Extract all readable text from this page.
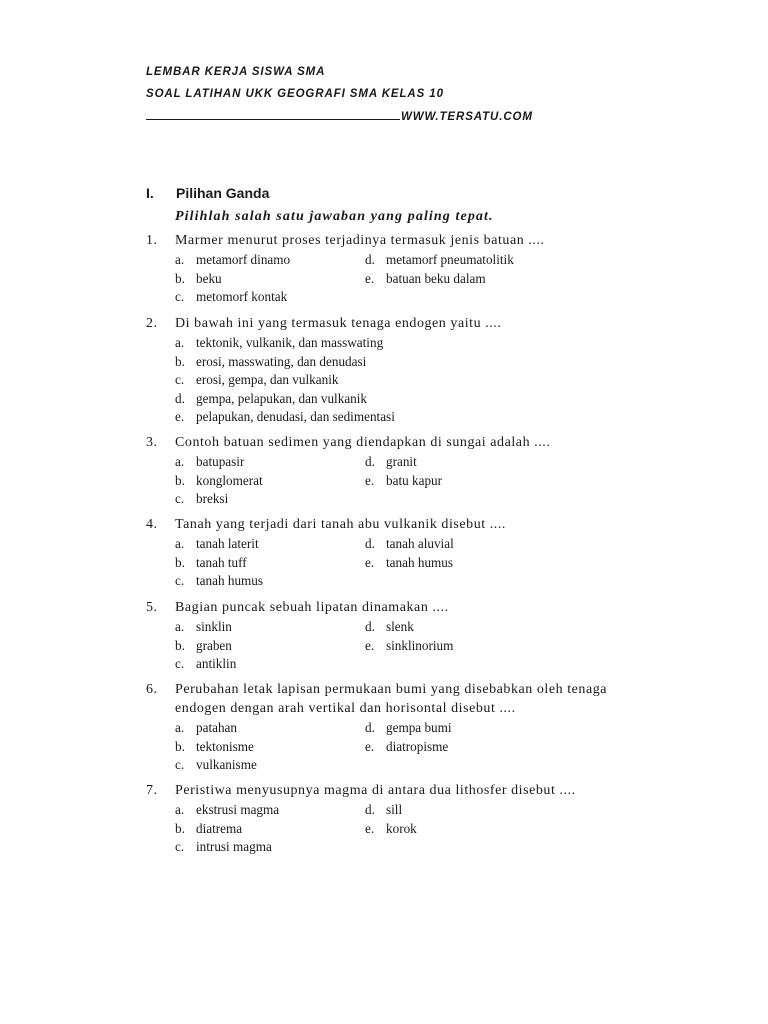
LEMBAR KERJA SISWA SMA
SOAL LATIHAN UKK GEOGRAFI SMA KELAS 10
WWW.TERSATU.COM
I. Pilihan Ganda
Pilihlah salah satu jawaban yang paling tepat.
1.	Marmer menurut proses terjadinya termasuk jenis batuan ....
a. metamorf dinamo	d. metamorf pneumatolitik
b. beku	e. batuan beku dalam
c. metomorf kontak
2.	Di bawah ini yang termasuk tenaga endogen yaitu ....
a. tektonik, vulkanik, dan masswating
b. erosi, masswating, dan denudasi
c. erosi, gempa, dan vulkanik
d. gempa, pelapukan, dan vulkanik
e. pelapukan, denudasi, dan sedimentasi
3.	Contoh batuan sedimen yang diendapkan di sungai adalah ....
a. batupasir	d. granit
b. konglomerat	e. batu kapur
c. breksi
4.	Tanah yang terjadi dari tanah abu vulkanik disebut ....
a. tanah laterit	d. tanah aluvial
b. tanah tuff	e. tanah humus
c. tanah humus
5.	Bagian puncak sebuah lipatan dinamakan ....
a. sinklin	d. slenk
b. graben	e. sinklinorium
c. antiklin
6.	Perubahan letak lapisan permukaan bumi yang disebabkan oleh tenaga
endogen dengan arah vertikal dan horisontal disebut ....
a. patahan	d. gempa bumi
b. tektonisme	e. diatropisme
c. vulkanisme
7.	Peristiwa menyusupnya magma di antara dua lithosfer disebut ....
a. ekstrusi magma	d. sill
b. diatrema	e. korok
c. intrusi magma
